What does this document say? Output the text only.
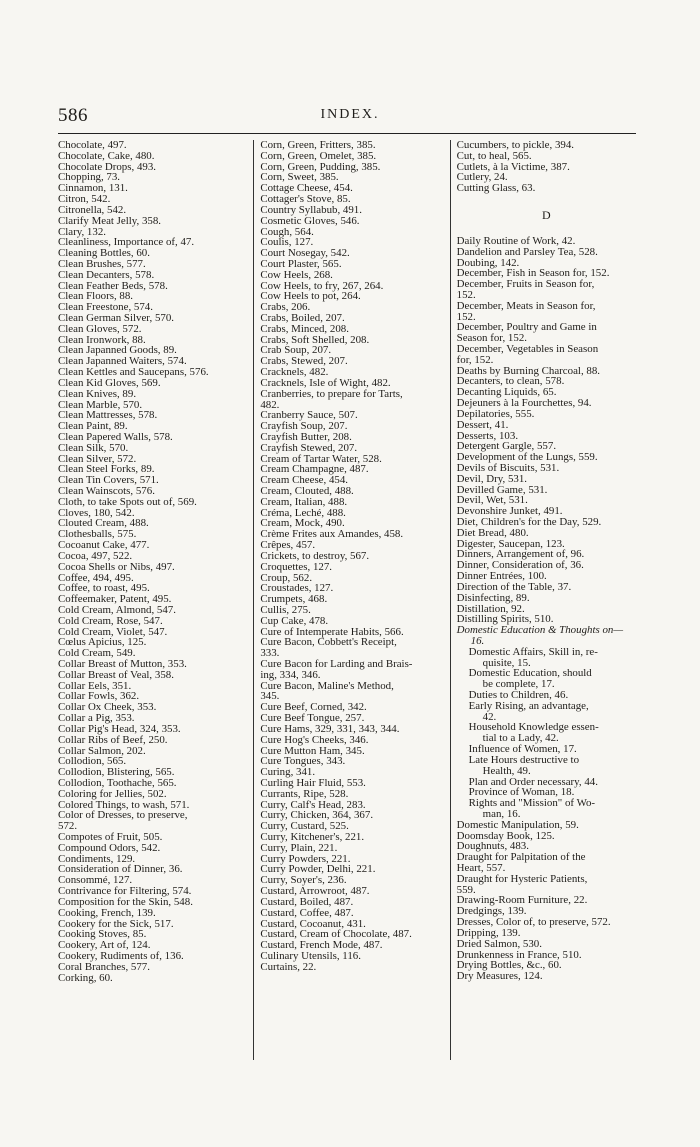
586	INDEX.
Chocolate, 497.
Chocolate, Cake, 480.
Chocolate Drops, 493.
Chopping, 73.
Cinnamon, 131.
Citron, 542.
Citronella, 542.
Clarify Meat Jelly, 358.
Clary, 132.
Cleanliness, Importance of, 47.
Cleaning Bottles, 60.
Clean Brushes, 577.
Clean Decanters, 578.
Clean Feather Beds, 578.
Clean Floors, 88.
Clean Freestone, 574.
Clean German Silver, 570.
Clean Gloves, 572.
Clean Ironwork, 88.
Clean Japanned Goods, 89.
Clean Japanned Waiters, 574.
Clean Kettles and Saucepans, 576.
Clean Kid Gloves, 569.
Clean Knives, 89.
Clean Marble, 570.
Clean Mattresses, 578.
Clean Paint, 89.
Clean Papered Walls, 578.
Clean Silk, 570.
Clean Silver, 572.
Clean Steel Forks, 89.
Clean Tin Covers, 571.
Clean Wainscots, 576.
Cloth, to take Spots out of, 569.
Cloves, 180, 542.
Clouted Cream, 488.
Clothesballs, 575.
Cocoanut Cake, 477.
Cocoa, 497, 522.
Cocoa Shells or Nibs, 497.
Coffee, 494, 495.
Coffee, to roast, 495.
Coffeemaker, Patent, 495.
Cold Cream, Almond, 547.
Cold Cream, Rose, 547.
Cold Cream, Violet, 547.
Cœlus Apicius, 125.
Cold Cream, 549.
Collar Breast of Mutton, 353.
Collar Breast of Veal, 358.
Collar Eels, 351.
Collar Fowls, 362.
Collar Ox Cheek, 353.
Collar a Pig, 353.
Collar Pig's Head, 324, 353.
Collar Ribs of Beef, 250.
Collar Salmon, 202.
Collodion, 565.
Collodion, Blistering, 565.
Collodion, Toothache, 565.
Coloring for Jellies, 502.
Colored Things, to wash, 571.
Color of Dresses, to preserve,
572.
Compotes of Fruit, 505.
Compound Odors, 542.
Condiments, 129.
Consideration of Dinner, 36.
Consommé, 127.
Contrivance for Filtering, 574.
Composition for the Skin, 548.
Cooking, French, 139.
Cookery for the Sick, 517.
Cooking Stoves, 85.
Cookery, Art of, 124.
Cookery, Rudiments of, 136.
Coral Branches, 577.
Corking, 60.
Corn, Green, Fritters, 385.
Corn, Green, Omelet, 385.
Corn, Green, Pudding, 385.
Corn, Sweet, 385.
Cottage Cheese, 454.
Cottager's Stove, 85.
Country Syllabub, 491.
Cosmetic Gloves, 546.
Cough, 564.
Coulis, 127.
Court Nosegay, 542.
Court Plaster, 565.
Cow Heels, 268.
Cow Heels, to fry, 267, 264.
Cow Heels to pot, 264.
Crabs, 206.
Crabs, Boiled, 207.
Crabs, Minced, 208.
Crabs, Soft Shelled, 208.
Crab Soup, 207.
Crabs, Stewed, 207.
Cracknels, 482.
Cracknels, Isle of Wight, 482.
Cranberries, to prepare for Tarts,
482.
Cranberry Sauce, 507.
Crayfish Soup, 207.
Crayfish Butter, 208.
Crayfish Stewed, 207.
Cream of Tartar Water, 528.
Cream Champagne, 487.
Cream Cheese, 454.
Cream, Clouted, 488.
Cream, Italian, 488.
Créma, Leché, 488.
Cream, Mock, 490.
Crème Frites aux Amandes, 458.
Crêpes, 457.
Crickets, to destroy, 567.
Croquettes, 127.
Croup, 562.
Croustades, 127.
Crumpets, 468.
Cullis, 275.
Cup Cake, 478.
Cure of Intemperate Habits, 566.
Cure Bacon, Cobbett's Receipt,
333.
Cure Bacon for Larding and Brais-
ing, 334, 346.
Cure Bacon, Maline's Method,
345.
Cure Beef, Corned, 342.
Cure Beef Tongue, 257.
Cure Hams, 329, 331, 343, 344.
Cure Hog's Cheeks, 346.
Cure Mutton Ham, 345.
Cure Tongues, 343.
Curing, 341.
Curling Hair Fluid, 553.
Currants, Ripe, 528.
Curry, Calf's Head, 283.
Curry, Chicken, 364, 367.
Curry, Custard, 525.
Curry, Kitchener's, 221.
Curry, Plain, 221.
Curry Powders, 221.
Curry Powder, Delhi, 221.
Curry, Soyer's, 236.
Custard, Arrowroot, 487.
Custard, Boiled, 487.
Custard, Coffee, 487.
Custard, Cocoanut, 431.
Custard, Cream of Chocolate, 487.
Custard, French Mode, 487.
Culinary Utensils, 116.
Curtains, 22.
Cucumbers, to pickle, 394.
Cut, to heal, 565.
Cutlets, à la Victime, 387.
Cutlery, 24.
Cutting Glass, 63.
D
Daily Routine of Work, 42.
Dandelion and Parsley Tea, 528.
Doubing, 142.
December, Fish in Season for, 152.
December, Fruits in Season for,
152.
December, Meats in Season for,
152.
December, Poultry and Game in
Season for, 152.
December, Vegetables in Season
for, 152.
Deaths by Burning Charcoal, 88.
Decanters, to clean, 578.
Decanting Liquids, 65.
Dejeuners à la Fourchettes, 94.
Depilatories, 555.
Dessert, 41.
Desserts, 103.
Detergent Gargle, 557.
Development of the Lungs, 559.
Devils of Biscuits, 531.
Devil, Dry, 531.
Devilled Game, 531.
Devil, Wet, 531.
Devonshire Junket, 491.
Diet, Children's for the Day, 529.
Diet Bread, 480.
Digester, Saucepan, 123.
Dinners, Arrangement of, 96.
Dinner, Consideration of, 36.
Dinner Entrées, 100.
Direction of the Table, 37.
Disinfecting, 89.
Distillation, 92.
Distilling Spirits, 510.
Domestic Education & Thoughts on—16.
Domestic Affairs, Skill in, re-
quisite, 15.
Domestic Education, should
be complete, 17.
Duties to Children, 46.
Early Rising, an advantage,
42.
Household Knowledge essen-
tial to a Lady, 42.
Influence of Women, 17.
Late Hours destructive to
Health, 49.
Plan and Order necessary, 44.
Province of Woman, 18.
Rights and "Mission" of Wo-
man, 16.
Domestic Manipulation, 59.
Doomsday Book, 125.
Doughnuts, 483.
Draught for Palpitation of the
Heart, 557.
Draught for Hysteric Patients,
559.
Drawing-Room Furniture, 22.
Dredgings, 139.
Dresses, Color of, to preserve, 572.
Dripping, 139.
Dried Salmon, 530.
Drunkenness in France, 510.
Drying Bottles, &c., 60.
Dry Measures, 124.
